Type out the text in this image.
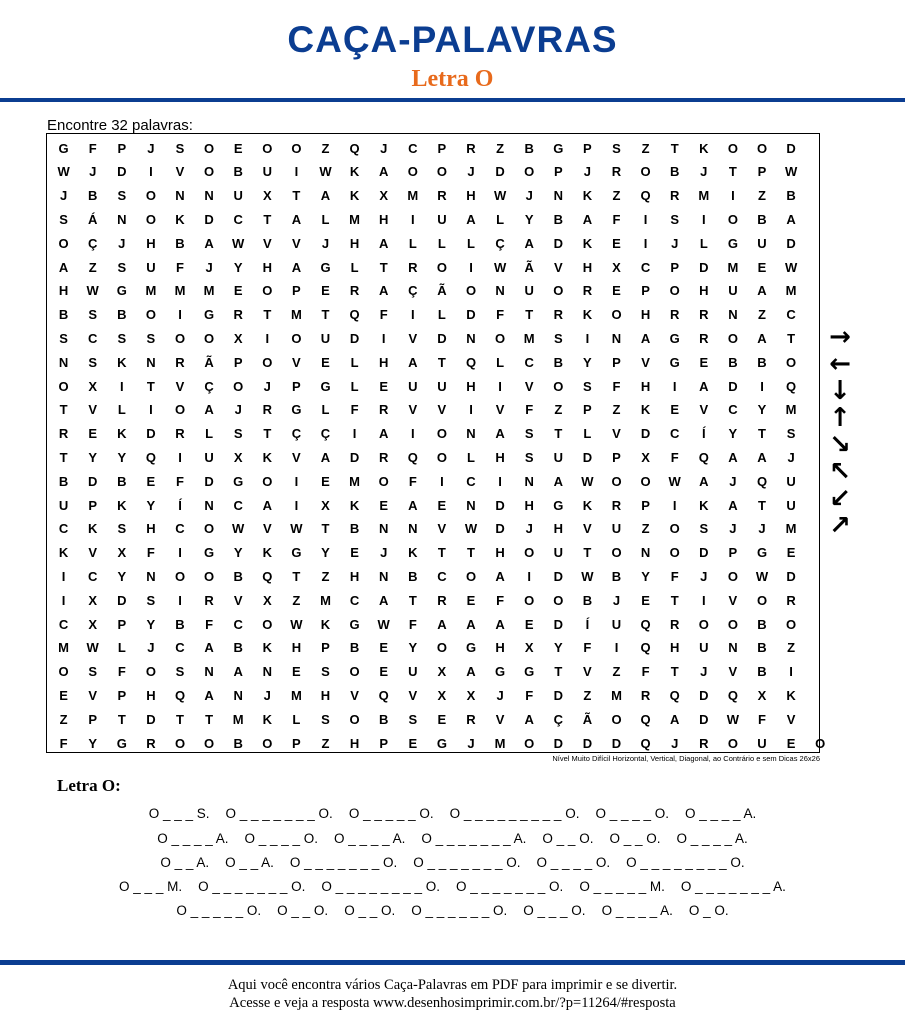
CAÇA-PALAVRAS
Letra O
Encontre 32 palavras:
G	F	P	J	S	O	E	O	O	Z	Q	J	C	P	R	Z	B	G	P	S	Z	T	K	O	O	D
W	J	D	I	V	O	B	U	I	W	K	A	O	O	J	D	O	P	J	R	O	B	J	T	P	W
J	B	S	O	N	N	U	X	T	A	K	X	M	R	H	W	J	N	K	Z	Q	R	M	I	Z	B
S	Á	N	O	K	D	C	T	A	L	M	H	I	U	A	L	Y	B	A	F	I	S	I	O	B	A
O	Ç	J	H	B	A	W	V	V	J	H	A	L	L	L	Ç	A	D	K	E	I	J	L	G	U	D
A	Z	S	U	F	J	Y	H	A	G	L	T	R	O	I	W	Ã	V	H	X	C	P	D	M	E	W
H	W	G	M	M	M	E	O	P	E	R	A	Ç	Ã	O	N	U	O	R	E	P	O	H	U	A	M
B	S	B	O	I	G	R	T	M	T	Q	F	I	L	D	F	T	R	K	O	H	R	R	N	Z	C
S	C	S	S	O	O	X	I	O	U	D	I	V	D	N	O	M	S	I	N	A	G	R	O	A	T
N	S	K	N	R	Ã	P	O	V	E	L	H	A	T	Q	L	C	B	Y	P	V	G	E	B	B	O
O	X	I	T	V	Ç	O	J	P	G	L	E	U	U	H	I	V	O	S	F	H	I	A	D	I	Q
T	V	L	I	O	A	J	R	G	L	F	R	V	V	I	V	F	Z	P	Z	K	E	V	C	Y	M
R	E	K	D	R	L	S	T	Ç	Ç	I	A	I	O	N	A	S	T	L	V	D	C	Í	Y	T	S
T	Y	Y	Q	I	U	X	K	V	A	D	R	Q	O	L	H	S	U	D	P	X	F	Q	A	A	J
B	D	B	E	F	D	G	O	I	E	M	O	F	I	C	I	N	A	W	O	O	W	A	J	Q	U
U	P	K	Y	Í	N	C	A	I	X	K	E	A	E	N	D	H	G	K	R	P	I	K	A	T	U
C	K	S	H	C	O	W	V	W	T	B	N	N	V	W	D	J	H	V	U	Z	O	S	J	J	M
K	V	X	F	I	G	Y	K	G	Y	E	J	K	T	T	H	O	U	T	O	N	O	D	P	G	E
I	C	Y	N	O	O	B	Q	T	Z	H	N	B	C	O	A	I	D	W	B	Y	F	J	O	W	D
I	X	D	S	I	R	V	X	Z	M	C	A	T	R	E	F	O	O	B	J	E	T	I	V	O	R
C	X	P	Y	B	F	C	O	W	K	G	W	F	A	A	A	E	D	Í	U	Q	R	O	O	B	O
M	W	L	J	C	A	B	K	H	P	B	E	Y	O	G	H	X	Y	F	I	Q	H	U	N	B	Z
O	S	F	O	S	N	A	N	E	S	O	E	U	X	A	G	G	T	V	Z	F	T	J	V	B	I
E	V	P	H	Q	A	N	J	M	H	V	Q	V	X	X	J	F	D	Z	M	R	Q	D	Q	X	K
Z	P	T	D	T	T	M	K	L	S	O	B	S	E	R	V	A	Ç	Ã	O	Q	A	D	W	F	V
F	Y	G	R	O	O	B	O	P	Z	H	P	E	G	J	M	O	D	D	D	Q	J	R	O	U	E	O
Nível Muito Difícil Horizontal, Vertical, Diagonal, ao Contrário e sem Dicas 26x26
→
←
↓
↑
↘
↖
↙
↗
Letra O:
O _ _ _ S. O _ _ _ _ _ _ _ O. O _ _ _ _ _ O. O _ _ _ _ _ _ _ _ _ O. O _ _ _ _ O. O _ _ _ _ A.
O _ _ _ _ A. O _ _ _ _ O. O _ _ _ _ A. O _ _ _ _ _ _ _ A. O _ _ O. O _ _ O. O _ _ _ _ A.
O _ _ A. O _ _ A. O _ _ _ _ _ _ _ O. O _ _ _ _ _ _ _ O. O _ _ _ _ O. O _ _ _ _ _ _ _ _ O.
O _ _ _ M. O _ _ _ _ _ _ _ O. O _ _ _ _ _ _ _ _ O. O _ _ _ _ _ _ _ O. O _ _ _ _ _ M. O _ _ _ _ _ _ _ A.
O _ _ _ _ _ O. O _ _ O. O _ _ O. O _ _ _ _ _ _ O. O _ _ _ O. O _ _ _ _ A. O _ O.
Aqui você encontra vários Caça-Palavras em PDF para imprimir e se divertir.
Acesse e veja a resposta www.desenhosimprimir.com.br/?p=11264/#resposta
